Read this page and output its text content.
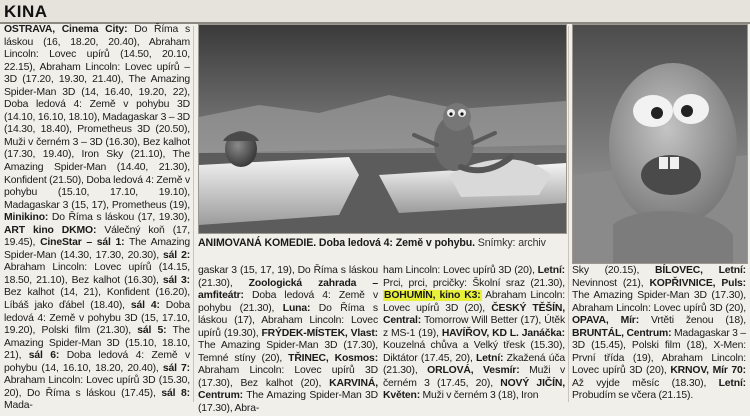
KINA

OSTRAVA, Cinema City: Do Říma s láskou (16, 18.20, 20.40), Abraham Lincoln: Lovec upírů (14.50, 20.10, 22.15), Abraham Lincoln: Lovec upírů – 3D (17.20, 19.30, 21.40), The Amazing Spider-Man 3D (14, 16.40, 19.20, 22), Doba ledová 4: Země v pohybu 3D (14.10, 16.10, 18.10), Madagaskar 3 – 3D (14.30, 18.40), Prometheus 3D (20.50), Muži v černém 3 – 3D (16.30), Bez kalhot (17.30, 19.40), Iron Sky (21.10), The Amazing Spider-Man (14.40, 21.30), Konfident (21.50), Doba ledová 4: Země v pohybu (15.10, 17.10, 19.10), Madagaskar 3 (15, 17), Prometheus (19), Minikino: Do Říma s láskou (17, 19.30), ART kino DKMO: Válečný koň (17, 19.45), CineStar – sál 1: The Amazing Spider-Man (14.30, 17.30, 20.30), sál 2: Abraham Lincoln: Lovec upírů (14.15, 18.50, 21.10), Bez kalhot (16.30), sál 3: Bez kalhot (14, 21), Konfident (16.20), Líbáš jako ďábel (18.40), sál 4: Doba ledová 4: Země v pohybu 3D (15, 17.10, 19.20), Polski film (21.30), sál 5: The Amazing Spider-Man 3D (15.10, 18.10, 21), sál 6: Doba ledová 4: Země v pohybu (14, 16.10, 18.20, 20.40), sál 7: Abraham Lincoln: Lovec upírů 3D (15.30, 20), Do Říma s láskou (17.45), sál 8: Mada-

ANIMOVANÁ KOMEDIE. Doba ledová 4: Země v pohybu. Snímky: archiv

gaskar 3 (15, 17, 19), Do Říma s láskou (21.30), Zoologická zahrada – amfiteátr: Doba ledová 4: Země v pohybu (21.30), Luna: Do Říma s láskou (17), Abraham Lincoln: Lovec upírů (19.30), FRÝDEK-MÍSTEK, Vlast: The Amazing Spider-Man 3D (17.30), Temné stíny (20), TŘINEC, Kosmos: Abraham Lincoln: Lovec upírů 3D (17.30), Bez kalhot (20), KARVINÁ, Centrum: The Amazing Spider-Man 3D (17.30), Abra-

ham Lincoln: Lovec upírů 3D (20), Letní: Prci, prci, prcičky: Školní sraz (21.30), BOHUMÍN, kino K3: Abraham Lincoln: Lovec upírů 3D (20), ČESKÝ TĚŠÍN, Central: Tomorrow Will Better (17), Útěk z MS-1 (19), HAVÍŘOV, KD L. Janáčka: Kouzelná chůva a Velký třesk (15.30), Diktátor (17.45, 20), Letní: Zkažená úča (21.30), ORLOVÁ, Vesmír: Muži v černém 3 (17.45, 20), NOVÝ JIČÍN, Květen: Muži v černém 3 (18), Iron

Sky (20.15), BÍLOVEC, Letní: Nevinnost (21), KOPŘIVNICE, Puls: The Amazing Spider-Man 3D (17.30), Abraham Lincoln: Lovec upírů 3D (20), OPAVA, Mír: Vrtěti ženou (18), BRUNTÁL, Centrum: Madagaskar 3 – 3D (15.45), Polski film (18), X-Men: První třída (19), Abraham Lincoln: Lovec upírů 3D (20), KRNOV, Mír 70: Až vyjde měsíc (18.30), Letní: Probudím se včera (21.15).
